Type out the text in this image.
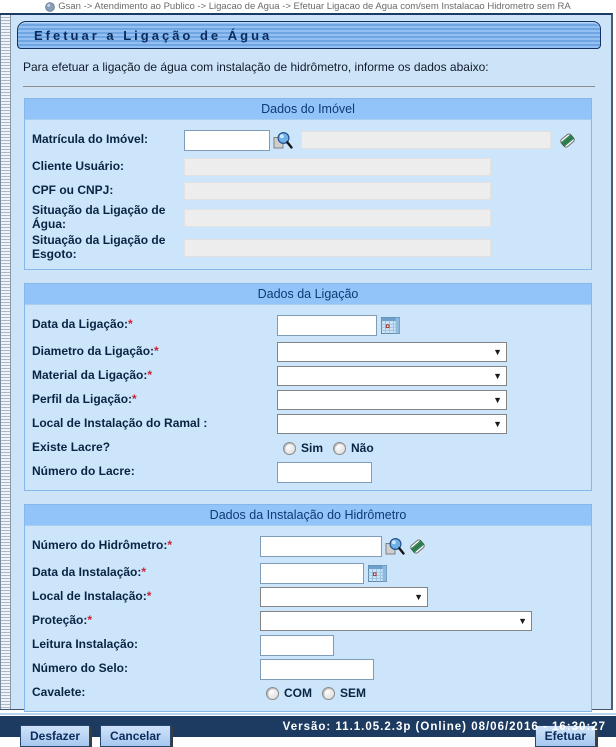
Gsan -> Atendimento ao Publico -> Ligacao de Agua -> Efetuar Ligacao de Agua com/sem Instalacao Hidrometro sem RA
Efetuar a Ligação de Água
Para efetuar a ligação de água com instalação de hidrômetro, informe os dados abaixo:
Dados do Imóvel
Matrícula do Imóvel:
Cliente Usuário:
CPF ou CNPJ:
Situação da Ligação de Água:
Situação da Ligação de Esgoto:
Dados da Ligação
Data da Ligação:*
Diametro da Ligação:*	▼
Material da Ligação:*	▼
Perfil da Ligação:*	▼
Local de Instalação do Ramal :	▼
Existe Lacre?	Sim Não
Número do Lacre:
Dados da Instalação do Hidrômetro
Número do Hidrômetro:*
Data da Instalação:*
Local de Instalação:*	▼
Proteção:*	▼
Leitura Instalação:
Número do Selo:
Cavalete:	COM SEM
Desfazer	Cancelar	Efetuar
Versão: 11.1.05.2.3p (Online) 08/06/2016 - 16:30:27
